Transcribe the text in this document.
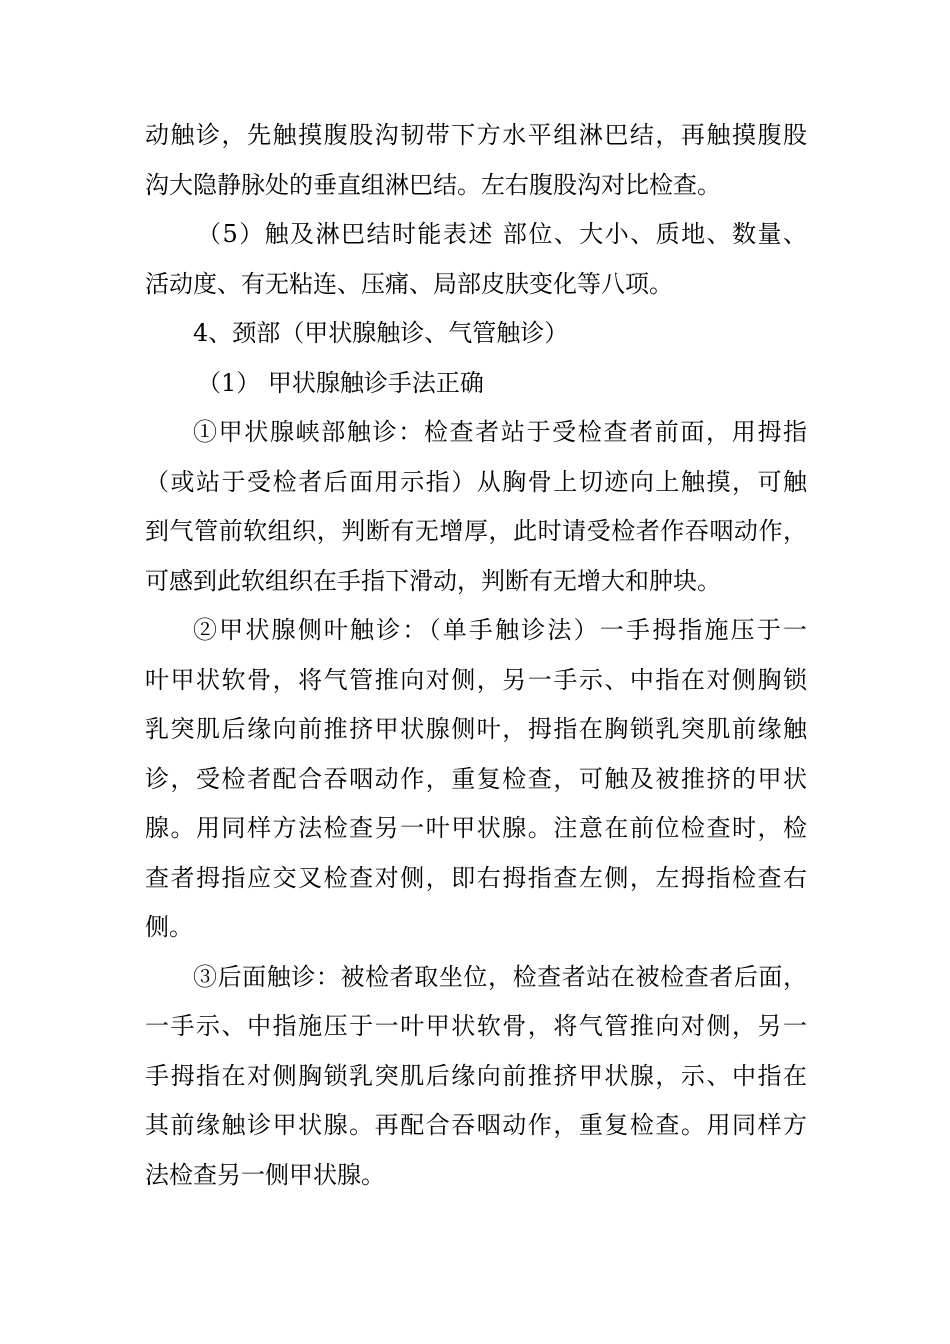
动触诊，先触摸腹股沟韧带下方水平组淋巴结，再触摸腹股
沟大隐静脉处的垂直组淋巴结。左右腹股沟对比检查。
（5）触及淋巴结时能表述 部位、大小、质地、数量、
活动度、有无粘连、压痛、局部皮肤变化等八项。
4、颈部（甲状腺触诊、气管触诊）
（1） 甲状腺触诊手法正确
①甲状腺峡部触诊：检查者站于受检查者前面，用拇指
（或站于受检者后面用示指）从胸骨上切迹向上触摸，可触
到气管前软组织，判断有无增厚，此时请受检者作吞咽动作，
可感到此软组织在手指下滑动，判断有无增大和肿块。
②甲状腺侧叶触诊：（单手触诊法）一手拇指施压于一
叶甲状软骨，将气管推向对侧，另一手示、中指在对侧胸锁
乳突肌后缘向前推挤甲状腺侧叶，拇指在胸锁乳突肌前缘触
诊，受检者配合吞咽动作，重复检查，可触及被推挤的甲状
腺。用同样方法检查另一叶甲状腺。注意在前位检查时，检
查者拇指应交叉检查对侧，即右拇指查左侧，左拇指检查右
侧。
③后面触诊：被检者取坐位，检查者站在被检查者后面，
一手示、中指施压于一叶甲状软骨，将气管推向对侧，另一
手拇指在对侧胸锁乳突肌后缘向前推挤甲状腺，示、中指在
其前缘触诊甲状腺。再配合吞咽动作，重复检查。用同样方
法检查另一侧甲状腺。
